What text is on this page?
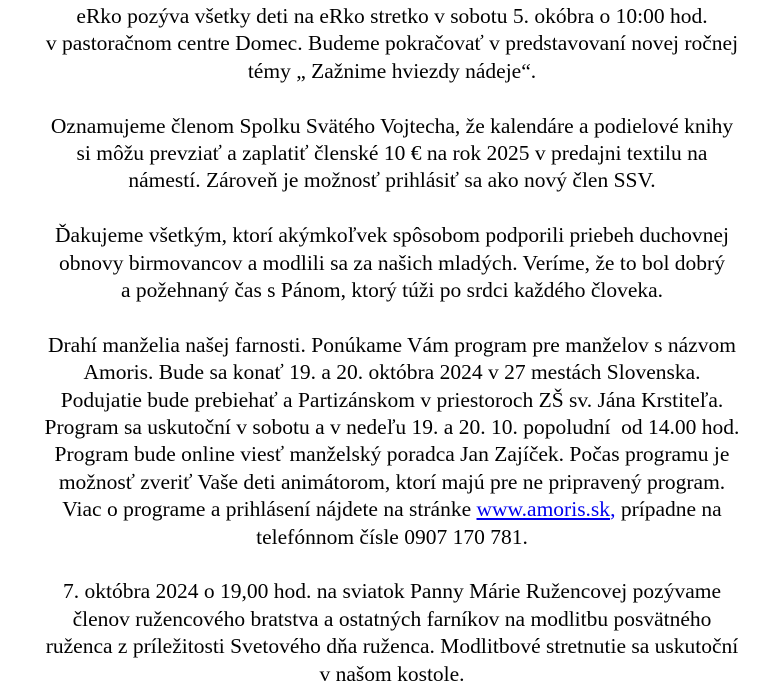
eRko pozýva všetky deti na eRko stretko v sobotu 5. okóbra o 10:00 hod.
v pastoračnom centre Domec. Budeme pokračovať v predstavovaní novej ročnej
témy „ Zažnime hviezdy nádeje“.

Oznamujeme členom Spolku Svätého Vojtecha, že kalendáre a podielové knihy
si môžu prevziať a zaplatiť členské 10 € na rok 2025 v predajni textilu na
námestí. Zároveň je možnosť prihlásiť sa ako nový člen SSV.

Ďakujeme všetkým, ktorí akýmkoľvek spôsobom podporili priebeh duchovnej
obnovy birmovancov a modlili sa za našich mladých. Veríme, že to bol dobrý
a požehnaný čas s Pánom, ktorý túži po srdci každého človeka.

Drahí manželia našej farnosti. Ponúkame Vám program pre manželov s názvom
Amoris. Bude sa konať 19. a 20. októbra 2024 v 27 mestách Slovenska.
Podujatie bude prebiehať a Partizánskom v priestoroch ZŠ sv. Jána Krstiteľa.
Program sa uskutoční v sobotu a v nedeľu 19. a 20. 10. popoludní  od 14.00 hod.
Program bude online viesť manželský poradca Jan Zajíček. Počas programu je
možnosť zveriť Vaše deti animátorom, ktorí majú pre ne pripravený program.
Viac o programe a prihlásení nájdete na stránke www.amoris.sk, prípadne na
telefónnom čísle 0907 170 781.

7. októbra 2024 o 19,00 hod. na sviatok Panny Márie Ružencovej pozývame
členov ružencového bratstva a ostatných farníkov na modlitbu posvätného
ruženca z príležitosti Svetového dňa ruženca. Modlitbové stretnutie sa uskutoční
v našom kostole.
